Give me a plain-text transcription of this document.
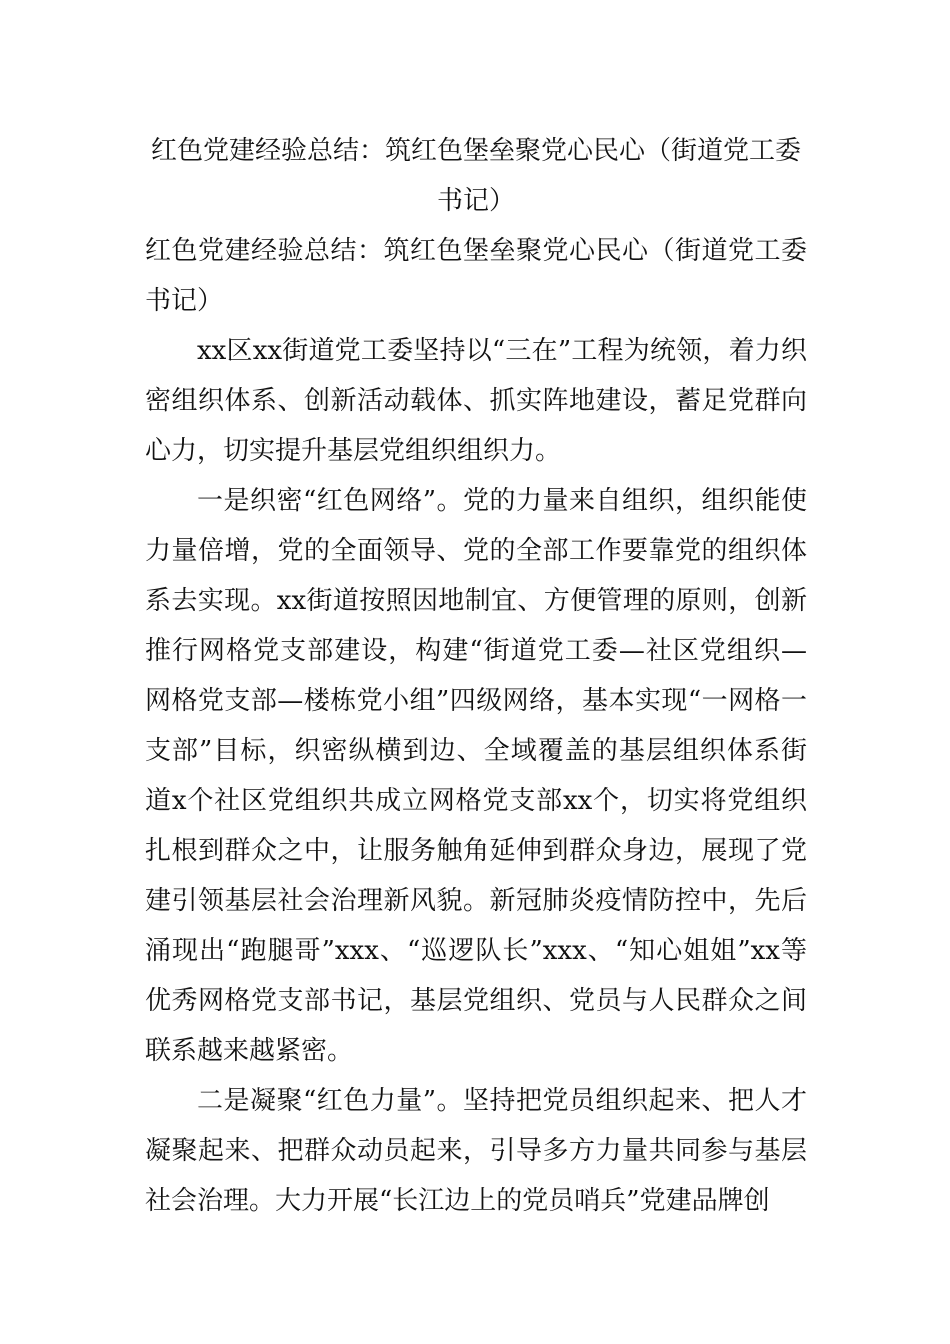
红色党建经验总结：筑红色堡垒聚党心民心（街道党工委书记）

红色党建经验总结：筑红色堡垒聚党心民心（街道党工委书记）

xx区xx街道党工委坚持以“三在”工程为统领，着力织密组织体系、创新活动载体、抓实阵地建设，蓄足党群向心力，切实提升基层党组织组织力。

一是织密“红色网络”。党的力量来自组织，组织能使力量倍增，党的全面领导、党的全部工作要靠党的组织体系去实现。xx街道按照因地制宜、方便管理的原则，创新推行网格党支部建设，构建“街道党工委—社区党组织—网格党支部—楼栋党小组”四级网络，基本实现“一网格一支部”目标，织密纵横到边、全域覆盖的基层组织体系街道x个社区党组织共成立网格党支部xx个，切实将党组织扎根到群众之中，让服务触角延伸到群众身边，展现了党建引领基层社会治理新风貌。新冠肺炎疫情防控中，先后涌现出“跑腿哥”xxx、“巡逻队长”xxx、“知心姐姐”xx等优秀网格党支部书记，基层党组织、党员与人民群众之间联系越来越紧密。

二是凝聚“红色力量”。坚持把党员组织起来、把人才凝聚起来、把群众动员起来，引导多方力量共同参与基层社会治理。大力开展“长江边上的党员哨兵”党建品牌创
